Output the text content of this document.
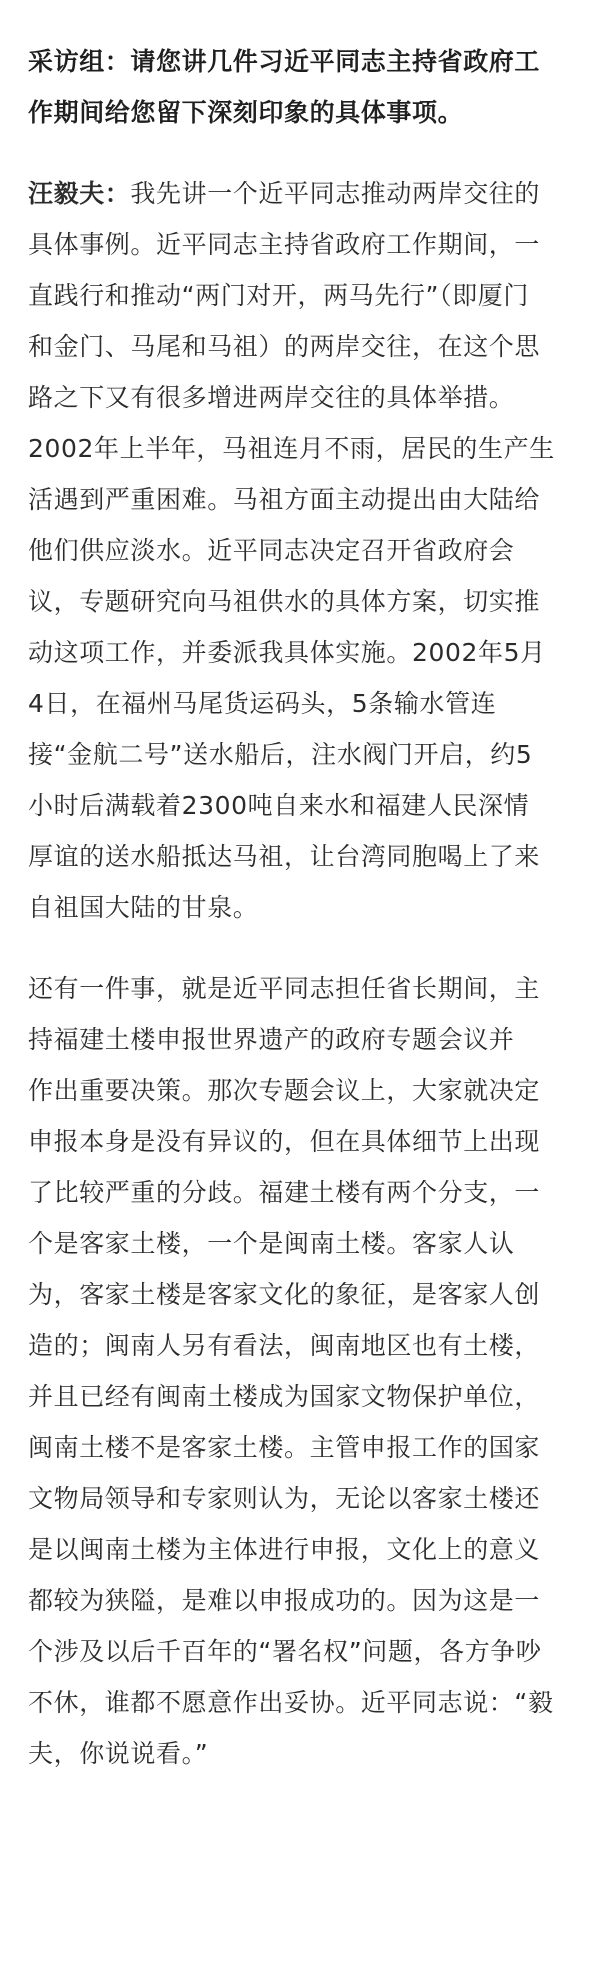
采访组：请您讲几件习近平同志主持省政府工
作期间给您留下深刻印象的具体事项。
汪毅夫：我先讲一个近平同志推动两岸交往的
具体事例。近平同志主持省政府工作期间，一
直践行和推动“两门对开，两马先行”（即厦门
和金门、马尾和马祖）的两岸交往，在这个思
路之下又有很多增进两岸交往的具体举措。
2002年上半年，马祖连月不雨，居民的生产生
活遇到严重困难。马祖方面主动提出由大陆给
他们供应淡水。近平同志决定召开省政府会
议，专题研究向马祖供水的具体方案，切实推
动这项工作，并委派我具体实施。2002年5月
4日，在福州马尾货运码头，5条输水管连
接“金航二号”送水船后，注水阀门开启，约5
小时后满载着2300吨自来水和福建人民深情
厚谊的送水船抵达马祖，让台湾同胞喝上了来
自祖国大陆的甘泉。
还有一件事，就是近平同志担任省长期间，主
持福建土楼申报世界遗产的政府专题会议并
作出重要决策。那次专题会议上，大家就决定
申报本身是没有异议的，但在具体细节上出现
了比较严重的分歧。福建土楼有两个分支，一
个是客家土楼，一个是闽南土楼。客家人认
为，客家土楼是客家文化的象征，是客家人创
造的；闽南人另有看法，闽南地区也有土楼，
并且已经有闽南土楼成为国家文物保护单位，
闽南土楼不是客家土楼。主管申报工作的国家
文物局领导和专家则认为，无论以客家土楼还
是以闽南土楼为主体进行申报，文化上的意义
都较为狭隘，是难以申报成功的。因为这是一
个涉及以后千百年的“署名权”问题，各方争吵
不休，谁都不愿意作出妥协。近平同志说：“毅
夫，你说说看。”
